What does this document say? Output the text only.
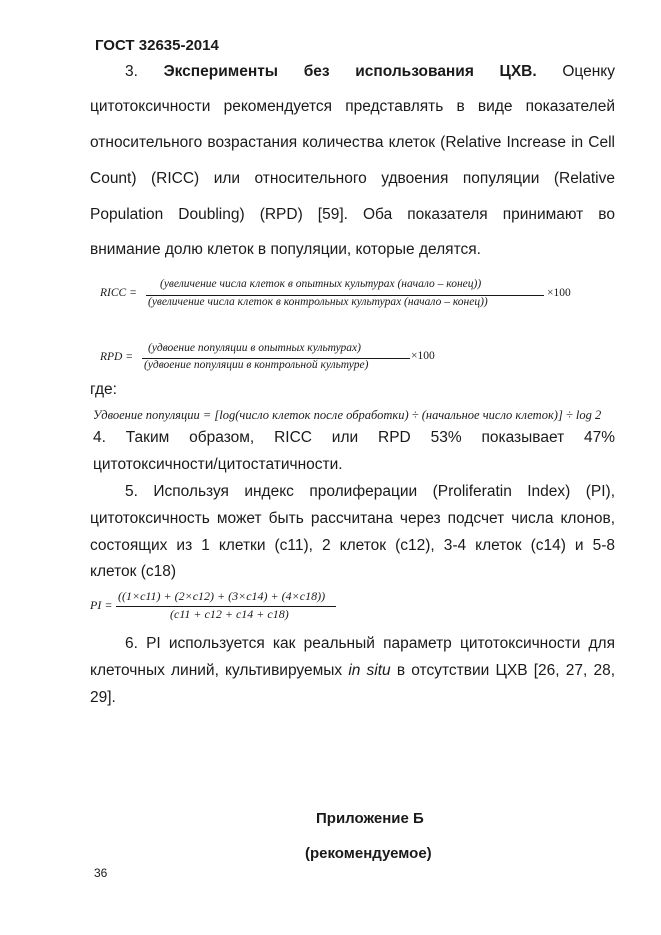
ГОСТ 32635-2014
3. Эксперименты без использования ЦХВ. Оценку
цитотоксичности рекомендуется представлять в виде показателей
относительного возрастания количества клеток (Relative Increase in Cell
Count) (RICC) или относительного удвоения популяции (Relative
Population Doubling) (RPD) [59]. Оба показателя принимают во
внимание долю клеток в популяции, которые делятся.
RICC =
(увеличение числа клеток в опытных культурах (начало – конец))
(увеличение числа клеток в контрольных культурах (начало – конец))
×100
RPD =
(удвоение популяции в опытных культурах)
(удвоение популяции в контрольной культуре)
×100
где:
Удвоение популяции = [log(число клеток после обработки) ÷ (начальное число клеток)] ÷ log 2
4. Таким образом, RICC или RPD 53% показывает 47%
цитотоксичности/цитостатичности.
5. Используя индекс пролиферации (Proliferatin Index) (PI),
цитотоксичность может быть рассчитана через подсчет числа клонов,
состоящих из 1 клетки (c11), 2 клеток (c12), 3-4 клеток (c14) и 5-8
клеток (c18)
PI =
((1×c11) + (2×c12) + (3×c14) + (4×c18))
(c11 + c12 + c14 + c18)
6. PI используется как реальный параметр цитотоксичности для
клеточных линий, культивируемых in situ в отсутствии ЦХВ [26, 27, 28,
29].
Приложение Б
(рекомендуемое)
36
